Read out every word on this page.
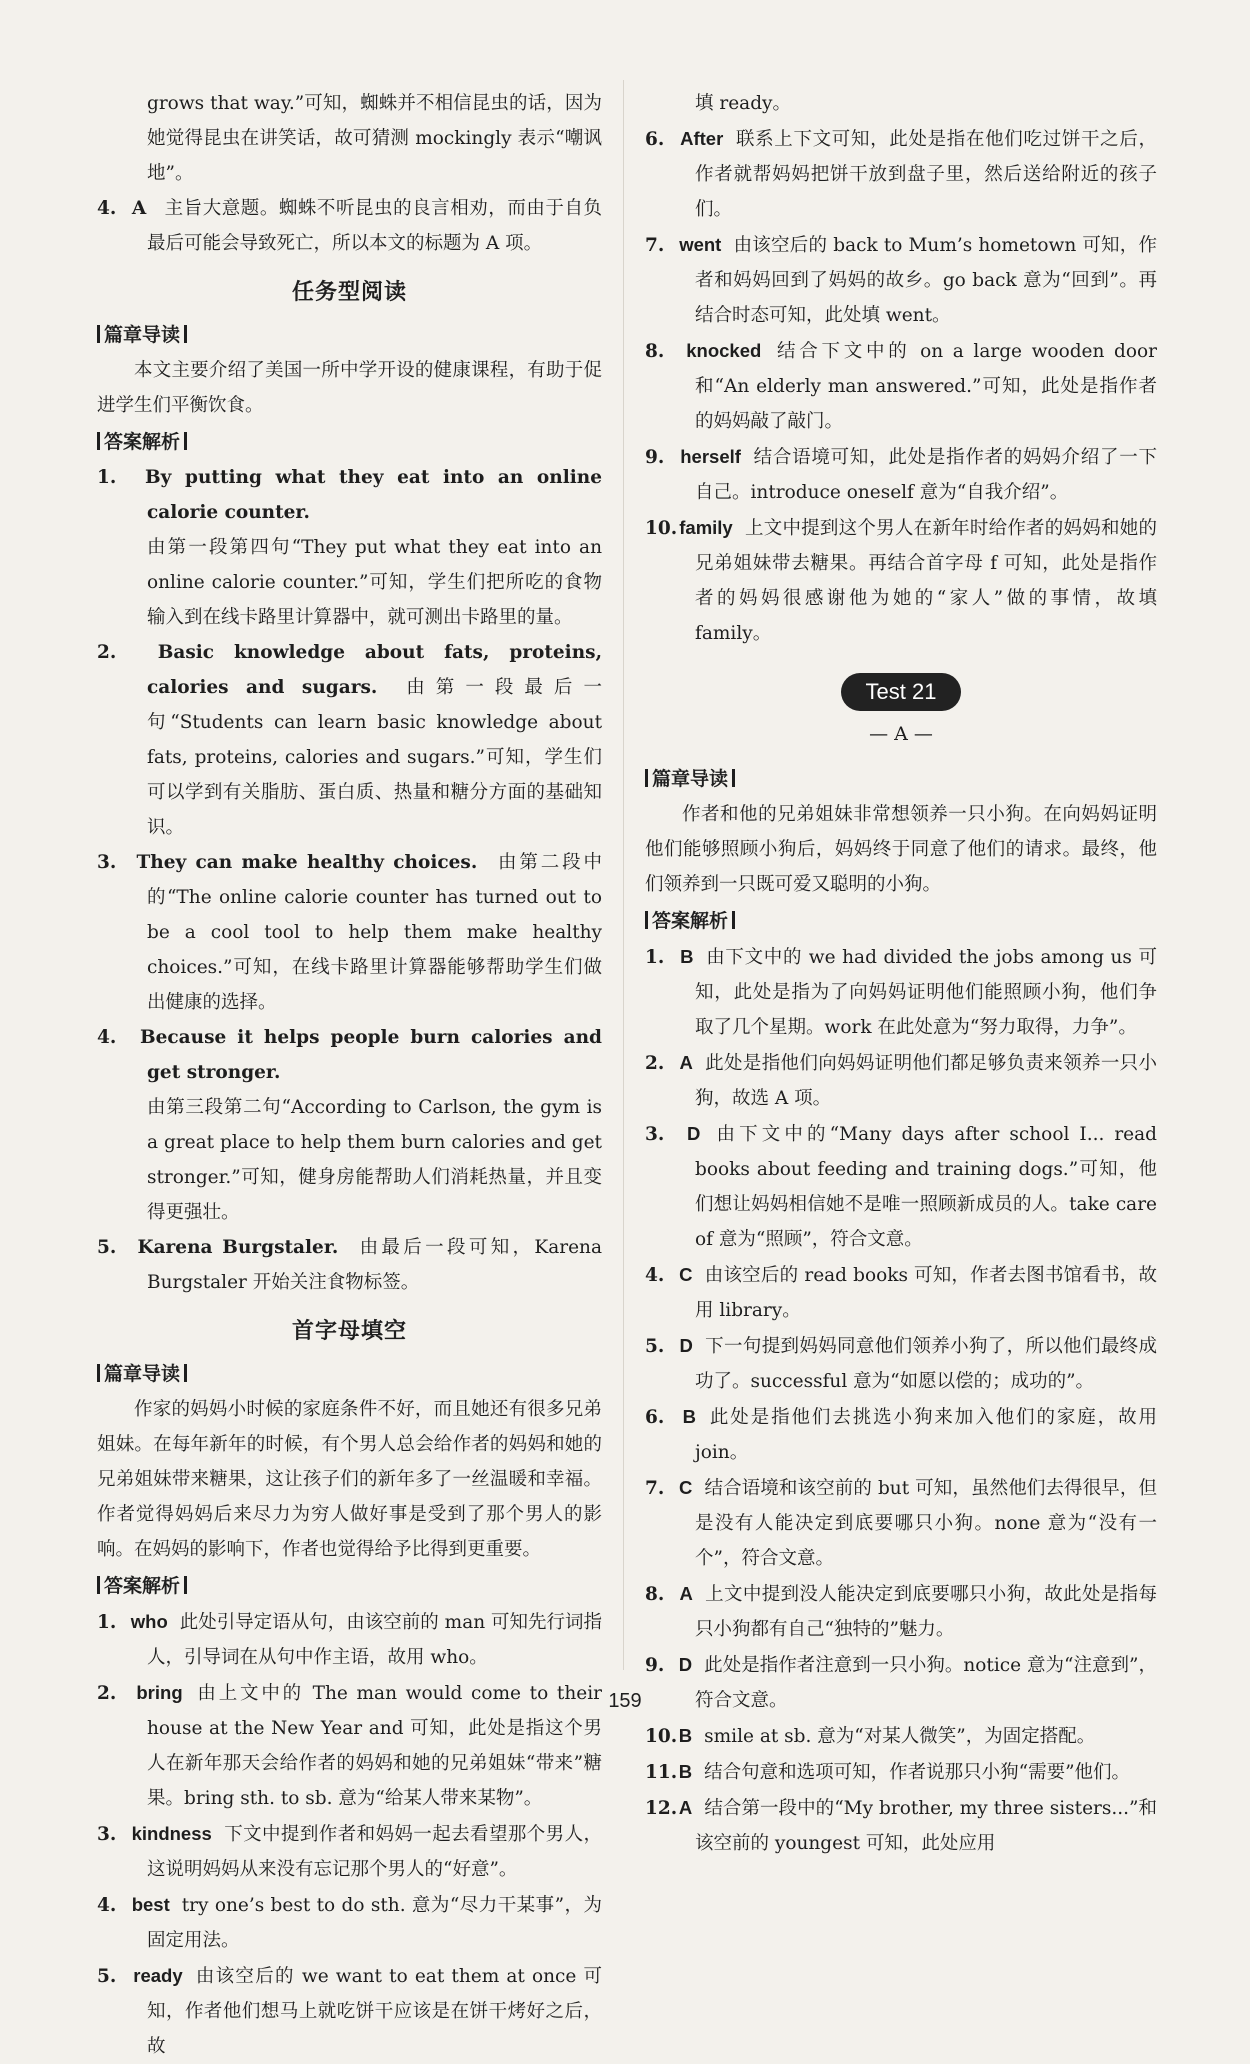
grows that way.”可知，蜘蛛并不相信昆虫的话，因为她觉得昆虫在讲笑话，故可猜测 mockingly 表示“嘲讽地”。

4. A 主旨大意题。蜘蛛不听昆虫的良言相劝，而由于自负最后可能会导致死亡，所以本文的标题为 A 项。

任务型阅读
篇章导读

本文主要介绍了美国一所中学开设的健康课程，有助于促进学生们平衡饮食。

答案解析

1. By putting what they eat into an online calorie counter.
由第一段第四句“They put what they eat into an online calorie counter.”可知，学生们把所吃的食物输入到在线卡路里计算器中，就可测出卡路里的量。

2. Basic knowledge about fats, proteins, calories and sugars. 由第一段最后一句“Students can learn basic knowledge about fats, proteins, calories and sugars.”可知，学生们可以学到有关脂肪、蛋白质、热量和糖分方面的基础知识。

3. They can make healthy choices. 由第二段中的“The online calorie counter has turned out to be a cool tool to help them make healthy choices.”可知，在线卡路里计算器能够帮助学生们做出健康的选择。

4. Because it helps people burn calories and get stronger.
由第三段第二句“According to Carlson, the gym is a great place to help them burn calories and get stronger.”可知，健身房能帮助人们消耗热量，并且变得更强壮。

5. Karena Burgstaler. 由最后一段可知，Karena Burgstaler 开始关注食物标签。

首字母填空
篇章导读

作家的妈妈小时候的家庭条件不好，而且她还有很多兄弟姐妹。在每年新年的时候，有个男人总会给作者的妈妈和她的兄弟姐妹带来糖果，这让孩子们的新年多了一丝温暖和幸福。作者觉得妈妈后来尽力为穷人做好事是受到了那个男人的影响。在妈妈的影响下，作者也觉得给予比得到更重要。

答案解析

1. who 此处引导定语从句，由该空前的 man 可知先行词指人，引导词在从句中作主语，故用 who。

2. bring 由上文中的 The man would come to their house at the New Year and 可知，此处是指这个男人在新年那天会给作者的妈妈和她的兄弟姐妹“带来”糖果。bring sth. to sb. 意为“给某人带来某物”。

3. kindness 下文中提到作者和妈妈一起去看望那个男人，这说明妈妈从来没有忘记那个男人的“好意”。

4. best try one’s best to do sth. 意为“尽力干某事”，为固定用法。

5. ready 由该空后的 we want to eat them at once 可知，作者他们想马上就吃饼干应该是在饼干烤好之后，故

填 ready。

6. After 联系上下文可知，此处是指在他们吃过饼干之后，作者就帮妈妈把饼干放到盘子里，然后送给附近的孩子们。

7. went 由该空后的 back to Mum’s hometown 可知，作者和妈妈回到了妈妈的故乡。go back 意为“回到”。再结合时态可知，此处填 went。

8. knocked 结合下文中的 on a large wooden door 和“An elderly man answered.”可知，此处是指作者的妈妈敲了敲门。

9. herself 结合语境可知，此处是指作者的妈妈介绍了一下自己。introduce oneself 意为“自我介绍”。

10. family 上文中提到这个男人在新年时给作者的妈妈和她的兄弟姐妹带去糖果。再结合首字母 f 可知，此处是指作者的妈妈很感谢他为她的“家人”做的事情，故填 family。

Test 21
— A —
篇章导读

作者和他的兄弟姐妹非常想领养一只小狗。在向妈妈证明他们能够照顾小狗后，妈妈终于同意了他们的请求。最终，他们领养到一只既可爱又聪明的小狗。

答案解析

1. B 由下文中的 we had divided the jobs among us 可知，此处是指为了向妈妈证明他们能照顾小狗，他们争取了几个星期。work 在此处意为“努力取得，力争”。

2. A 此处是指他们向妈妈证明他们都足够负责来领养一只小狗，故选 A 项。

3. D 由下文中的“Many days after school I... read books about feeding and training dogs.”可知，他们想让妈妈相信她不是唯一照顾新成员的人。take care of 意为“照顾”，符合文意。

4. C 由该空后的 read books 可知，作者去图书馆看书，故用 library。

5. D 下一句提到妈妈同意他们领养小狗了，所以他们最终成功了。successful 意为“如愿以偿的；成功的”。

6. B 此处是指他们去挑选小狗来加入他们的家庭，故用 join。

7. C 结合语境和该空前的 but 可知，虽然他们去得很早，但是没有人能决定到底要哪只小狗。none 意为“没有一个”，符合文意。

8. A 上文中提到没人能决定到底要哪只小狗，故此处是指每只小狗都有自己“独特的”魅力。

9. D 此处是指作者注意到一只小狗。notice 意为“注意到”，符合文意。

10.  B smile at sb. 意为“对某人微笑”，为固定搭配。

11.  B 结合句意和选项可知，作者说那只小狗“需要”他们。

12.  A 结合第一段中的“My brother, my three sisters...”和该空前的 youngest 可知，此处应用

159
